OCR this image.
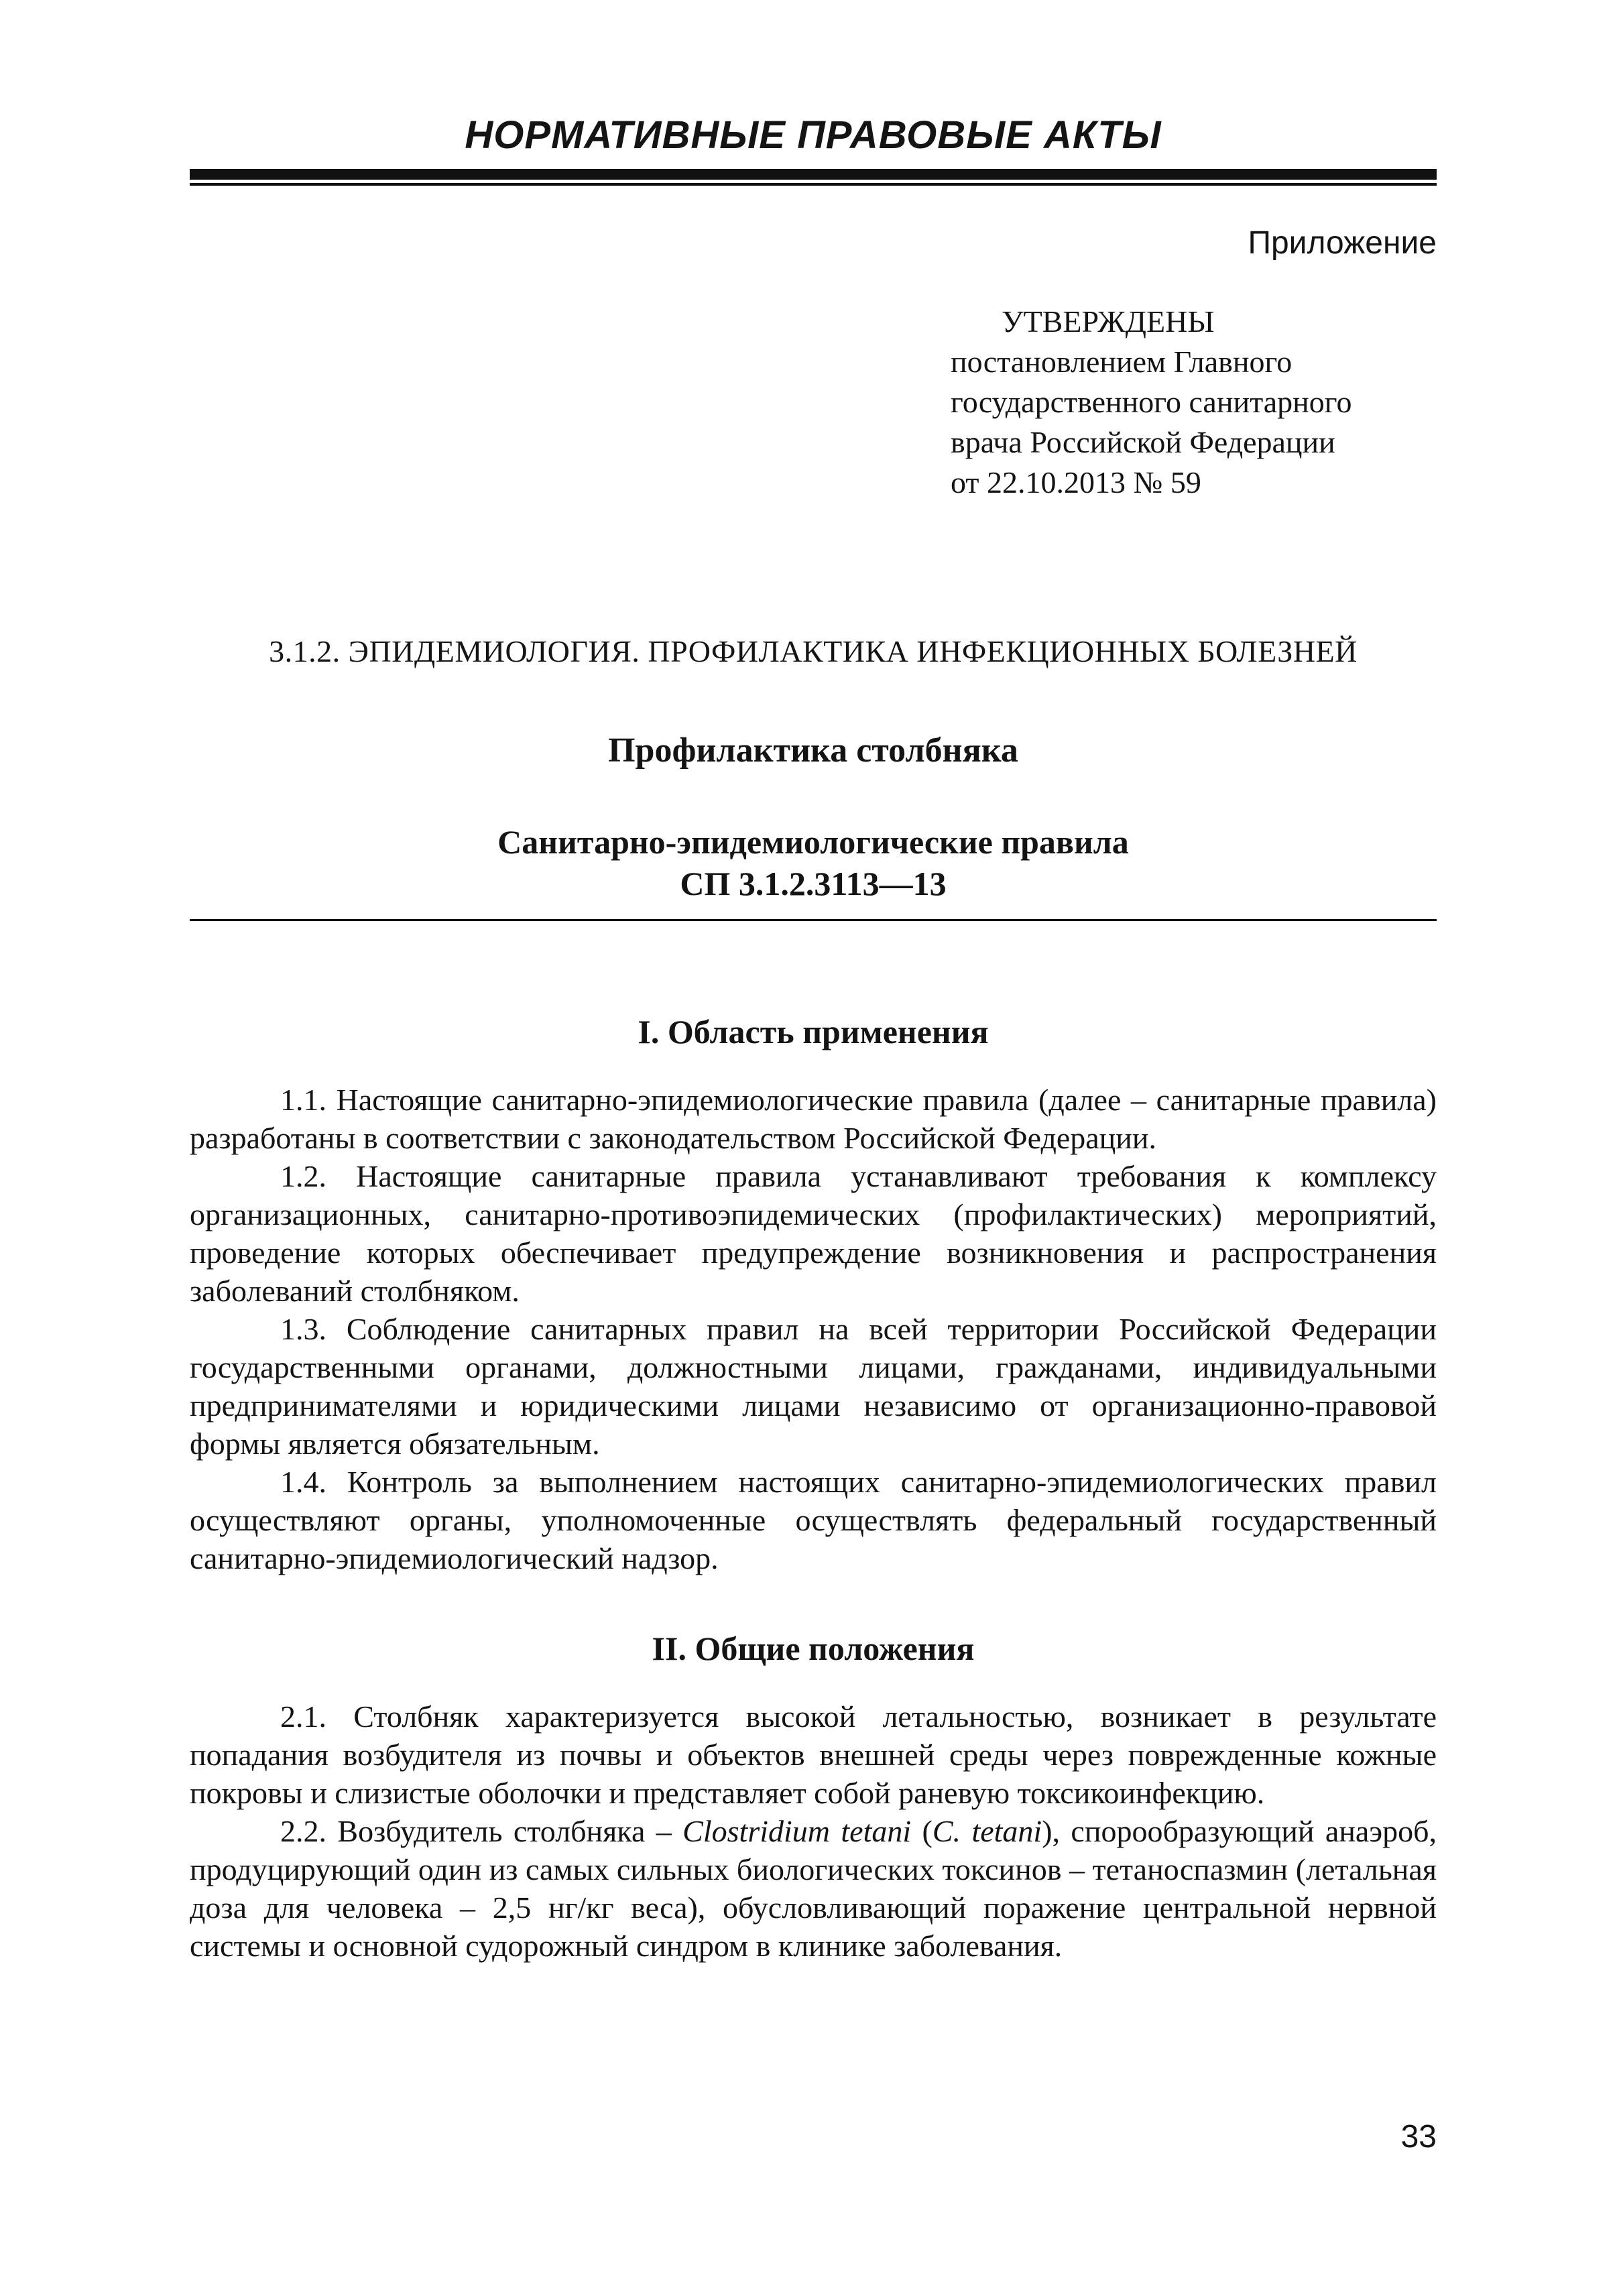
НОРМАТИВНЫЕ ПРАВОВЫЕ АКТЫ
Приложение
УТВЕРЖДЕНЫ
постановлением Главного
государственного санитарного
врача Российской Федерации
от 22.10.2013 № 59
3.1.2. ЭПИДЕМИОЛОГИЯ. ПРОФИЛАКТИКА ИНФЕКЦИОННЫХ БОЛЕЗНЕЙ
Профилактика столбняка
Санитарно-эпидемиологические правила
СП 3.1.2.3113—13
I. Область применения

1.1. Настоящие санитарно-эпидемиологические правила (далее – санитарные правила) разработаны в соответствии с законодательством Российской Федерации.

1.2. Настоящие санитарные правила устанавливают требования к комплексу организационных, санитарно-противоэпидемических (профилактических) мероприятий, проведение которых обеспечивает предупреждение возникновения и распространения заболеваний столбняком.

1.3. Соблюдение санитарных правил на всей территории Российской Федерации государственными органами, должностными лицами, гражданами, индивидуальными предпринимателями и юридическими лицами независимо от организационно-правовой формы является обязательным.

1.4. Контроль за выполнением настоящих санитарно-эпидемиологических правил осуществляют органы, уполномоченные осуществлять федеральный государственный санитарно-эпидемиологический надзор.

II. Общие положения

2.1. Столбняк характеризуется высокой летальностью, возникает в результате попадания возбудителя из почвы и объектов внешней среды через поврежденные кожные покровы и слизистые оболочки и представляет собой раневую токсикоинфекцию.

2.2. Возбудитель столбняка – Clostridium tetani (C. tetani), спорообразующий анаэроб, продуцирующий один из самых сильных биологических токсинов – тетаноспазмин (летальная доза для человека – 2,5 нг/кг веса), обусловливающий поражение центральной нервной системы и основной судорожный синдром в клинике заболевания.

33
